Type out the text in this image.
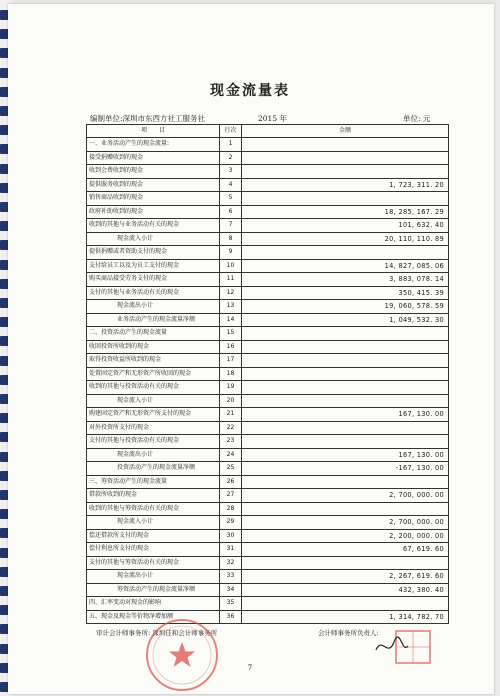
现金流量表
编制单位:深圳市东西方社工服务社	2015 年	单位: 元
项　　目	行次	金额
一、业务活动产生的现金流量:	1	
接受捐赠收到的现金	2	
收到会费收到的现金	3	
提供服务收到的现金	4	1, 723, 311. 20
销售商品收到的现金	5	
政府补助收到的现金	6	18, 285, 167. 29
收到的其他与业务活动有关的现金	7	101, 632. 40
现金流入小计	8	20, 110, 110. 89
提供捐赠或者资助支付的现金	9	
支付给员工以及为员工支付的现金	10	14, 827, 085. 06
购买商品接受劳务支付的现金	11	3, 883, 078. 14
支付的其他与业务活动有关的现金	12	350, 415. 39
现金流出小计	13	19, 060, 578. 59
业务活动产生的现金流量净额	14	1, 049, 532. 30
二、投资活动产生的现金流量	15	
收回投资所收到的现金	16	
取得投资收益所收到的现金	17	
处置固定资产和无形资产所收回的现金	18	
收到的其他与投资活动有关的现金	19	
现金流入小计	20	
购建固定资产和无形资产所支付的现金	21	167, 130. 00
对外投资所支付的现金	22	
支付的其他与投资活动有关的现金	23	
现金流出小计	24	167, 130. 00
投资活动产生的现金流量净额	25	-167, 130. 00
三、筹资活动产生的现金流量	26	
借款所收到的现金	27	2, 700, 000. 00
收到的其他与筹资活动有关的现金	28	
现金流入小计	29	2, 700, 000. 00
偿还借款所支付的现金	30	2, 200, 000. 00
偿付利息所支付的现金	31	67, 619. 60
支付的其他与筹资活动有关的现金	32	
现金流出小计	33	2, 267, 619. 60
筹资活动产生的现金流量净额	34	432, 380. 40
四、汇率变动对现金的影响	35	
五、现金及现金等价物净增加额	36	1, 314, 782. 70
审计会计师事务所: 深圳佳和会计师事务所	会计师事务所负责人:
7
